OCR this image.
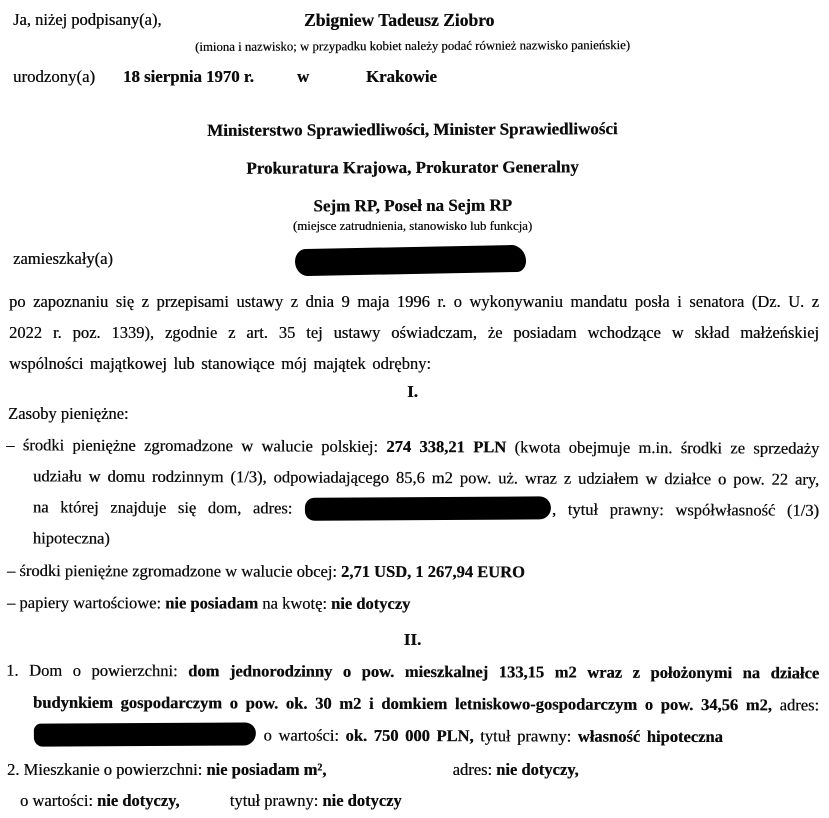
Ja, niżej podpisany(a),	Zbigniew Tadeusz Ziobro
(imiona i nazwisko; w przypadku kobiet należy podać również nazwisko panieńskie)
urodzony(a) 18 sierpnia 1970 r.	w	Krakowie
Ministerstwo Sprawiedliwości, Minister Sprawiedliwości
Prokuratura Krajowa, Prokurator Generalny
Sejm RP, Poseł na Sejm RP
(miejsce zatrudnienia, stanowisko lub funkcja)
zamieszkały(a)

po zapoznaniu się z przepisami ustawy z dnia 9 maja 1996 r. o wykonywaniu mandatu posła i senatora (Dz. U. z 2022 r. poz. 1339), zgodnie z art. 35 tej ustawy oświadczam, że posiadam wchodzące w skład małżeńskiej wspólności majątkowej lub stanowiące mój majątek odrębny:

I.
Zasoby pieniężne:

– środki pieniężne zgromadzone w walucie polskiej: 274 338,21 PLN (kwota obejmuje m.in. środki ze sprzedaży udziału w domu rodzinnym (1/3), odpowiadającego 85,6 m2 pow. uż. wraz z udziałem w działce o pow. 22 ary, na której znajduje się dom, adres:	, tytuł prawny: współwłasność (1/3) hipoteczna)

– środki pieniężne zgromadzone w walucie obcej: 2,71 USD, 1 267,94 EURO
– papiery wartościowe: nie posiadam na kwotę: nie dotyczy
II.

1. Dom o powierzchni: dom jednorodzinny o pow. mieszkalnej 133,15 m2 wraz z położonymi na działce budynkiem gospodarczym o pow. ok. 30 m2 i domkiem letniskowo-gospodarczym o pow. 34,56 m2, adres:  o wartości: ok. 750 000 PLN, tytuł prawny: własność hipoteczna

2. Mieszkanie o powierzchni: nie posiadam m²,	adres: nie dotyczy,
o wartości: nie dotyczy,	tytuł prawny: nie dotyczy
